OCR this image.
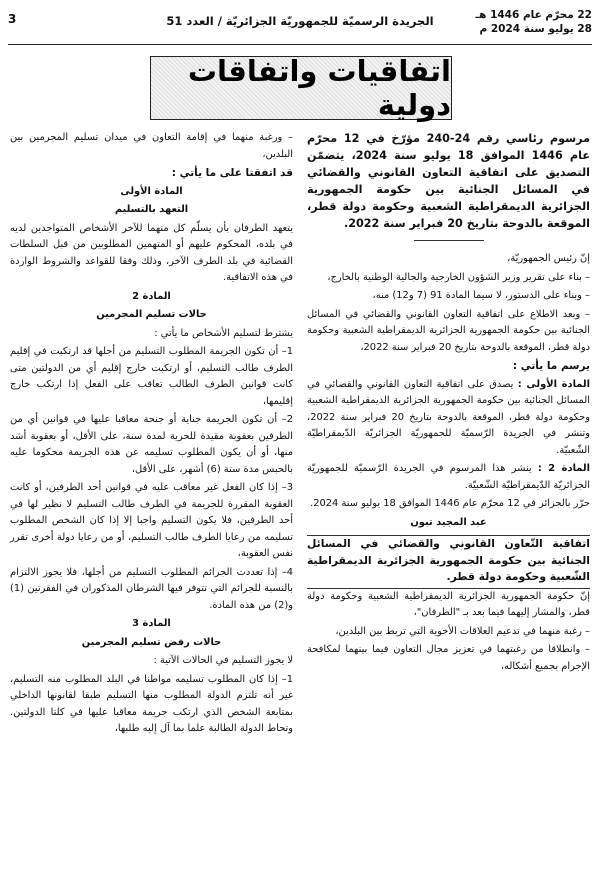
22 محرّم عام 1446 هـ
28 يوليو سنة 2024 م
الجريدة الرسميّة للجمهوريّة الجزائريّة / العدد 51
3
اتفاقيات واتفاقات دولية

مرسوم رئاسي رقم 24-240 مؤرّخ في 12 محرّم عام 1446 الموافق 18 يوليو سنة 2024، يتضمّن التصديق على اتفاقية التعاون القانوني والقضائي في المسائل الجنائية بين حكومة الجمهورية الجزائرية الديمقراطية الشعبية وحكومة دولة قطر، الموقعة بالدوحة بتاريخ 20 فبراير سنة 2022.

إنّ رئيس الجمهوريّة،

– بناء على تقرير وزير الشؤون الخارجية والجالية الوطنية بالخارج،

– وبناء على الدستور، لا سيما المادة 91 (7 و12) منه،

– وبعد الاطلاع على اتفاقية التعاون القانوني والقضائي في المسائل الجنائية بين حكومة الجمهورية الجزائرية الديمقراطية الشعبية وحكومة دولة قطر، الموقعة بالدوحة بتاريخ 20 فبراير سنة 2022،

يرسم ما يأتي :

المادة الأولى : يصدق على اتفاقية التعاون القانوني والقضائي في المسائل الجنائية بين حكومة الجمهورية الجزائرية الديمقراطية الشعبية وحكومة دولة قطر، الموقعة بالدوحة بتاريخ 20 فبراير سنة 2022، وتنشر في الجريدة الرّسميّة للجمهوريّة الجزائريّة الدّيمقراطيّة الشّعبيّة.

المادة 2 : ينشر هذا المرسوم في الجريدة الرّسميّة للجمهوريّة الجزائريّة الدّيمقراطيّة الشّعبيّة.

حرّر بالجزائر في 12 محرّم عام 1446 الموافق 18 يوليو سنة 2024.

عبد المجيد تبون

اتفاقية التّعاون القانوني والقضائي في المسائل الجنائية بين حكومة الجمهورية الجزائرية الديمقراطية الشّعبية وحكومة دولة قطر.

إنّ حكومة الجمهورية الجزائرية الديمقراطية الشعبية وحكومة دولة قطر، والمشار إليهما فيما بعد بـ "الطرفان"،

– رغبة منهما في تدعيم العلاقات الأخوية التي تربط بين البلدين،

– وانطلاقا من رغبتهما في تعزيز مجال التعاون فيما بينهما لمكافحة الإجرام بجميع أشكاله،

– ورغبة منهما في إقامة التعاون في ميدان تسليم المجرمين بين البلدين،

قد اتفقتا على ما يأتي :

المادة الأولى

التعهد بالتسليم

يتعهد الطرفان بأن يسلّم كل منهما للآخر الأشخاص المتواجدين لديه في بلده، المحكوم عليهم أو المتهمين المطلوبين من قبل السلطات القضائية في بلد الطرف الآخر، وذلك وفقا للقواعد والشروط الواردة في هذه الاتفاقية.

المادة 2

حالات تسليم المجرمين

يشترط لتسليم الأشخاص ما يأتي :

1– أن تكون الجريمة المطلوب التسليم من أجلها قد ارتكبت في إقليم الطرف طالب التسليم، أو ارتكبت خارج إقليم أي من الدولتين متى كانت قوانين الطرف الطالب تعاقب على الفعل إذا ارتكب خارج إقليمها،

2– أن تكون الجريمة جناية أو جنحة معاقبا عليها في قوانين أي من الطرفين بعقوبة مقيدة للحرية لمدة سنة، على الأقل، أو بعقوبة أشد منها، أو أن يكون المطلوب تسليمه عن هذه الجريمة محكوما عليه بالحبس مدة ستة (6) أشهر، على الأقل،

3– إذا كان الفعل غير معاقب عليه في قوانين أحد الطرفين، أو كانت العقوبة المقررة للجريمة في الطرف طالب التسليم لا نظير لها في أحد الطرفين، فلا يكون التسليم واجبا إلا إذا كان الشخص المطلوب تسليمه من رعايا الطرف طالب التسليم، أو من رعايا دولة أخرى تقرر نفس العقوبة،

4– إذا تعددت الجرائم المطلوب التسليم من أجلها، فلا يجوز الالتزام بالنسبة للجرائم التي تتوفر فيها الشرطان المذكوران في الفقرتين (1) و(2) من هذه المادة.

المادة 3

حالات رفض تسليم المجرمين

لا يجوز التسليم في الحالات الآتية :

1– إذا كان المطلوب تسليمه مواطنا في البلد المطلوب منه التسليم، غير أنه تلتزم الدولة المطلوب منها التسليم طبقا لقانونها الداخلي بمتابعة الشخص الذي ارتكب جريمة معاقبا عليها في كلتا الدولتين. وتحاط الدولة الطالبة علما بما آل إليه طلبها،
